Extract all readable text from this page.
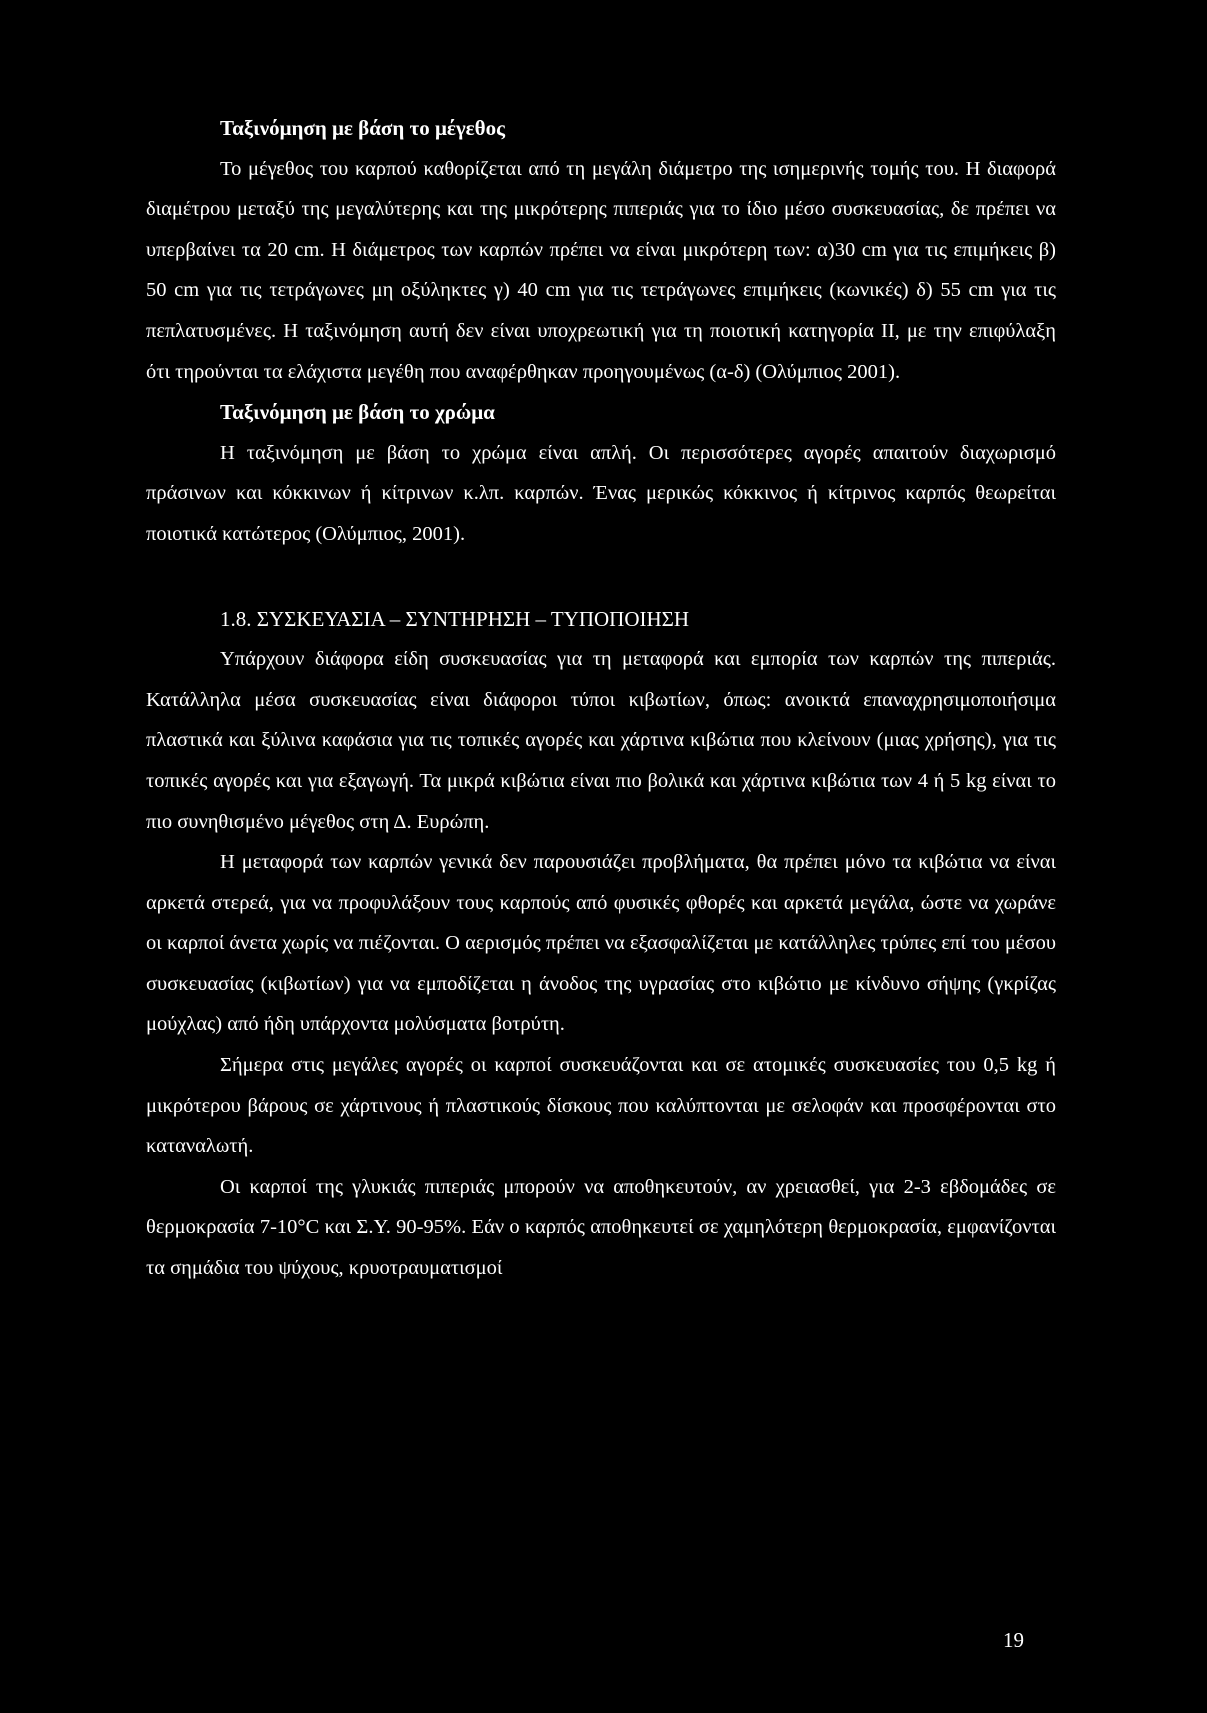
Ταξινόμηση με βάση το μέγεθος

Το μέγεθος του καρπού καθορίζεται από τη μεγάλη διάμετρο της ισημερινής τομής του. Η διαφορά διαμέτρου μεταξύ της μεγαλύτερης και της μικρότερης πιπεριάς για το ίδιο μέσο συσκευασίας, δε πρέπει να υπερβαίνει τα 20 cm. Η διάμετρος των καρπών πρέπει να είναι μικρότερη των: α)30 cm για τις επιμήκεις β) 50 cm για τις τετράγωνες μη οξύληκτες γ) 40 cm για τις τετράγωνες επιμήκεις (κωνικές) δ) 55 cm για τις πεπλατυσμένες. Η ταξινόμηση αυτή δεν είναι υποχρεωτική για τη ποιοτική κατηγορία II, με την επιφύλαξη ότι τηρούνται τα ελάχιστα μεγέθη που αναφέρθηκαν προηγουμένως (α-δ) (Ολύμπιος 2001).

Ταξινόμηση με βάση το χρώμα

Η ταξινόμηση με βάση το χρώμα είναι απλή. Οι περισσότερες αγορές απαιτούν διαχωρισμό πράσινων και κόκκινων ή κίτρινων κ.λπ. καρπών. Ένας μερικώς κόκκινος ή κίτρινος καρπός θεωρείται ποιοτικά κατώτερος (Ολύμπιος, 2001).

1.8. ΣΥΣΚΕΥΑΣΙΑ – ΣΥΝΤΗΡΗΣΗ – ΤΥΠΟΠΟΙΗΣΗ

Υπάρχουν διάφορα είδη συσκευασίας για τη μεταφορά και εμπορία των καρπών της πιπεριάς. Κατάλληλα μέσα συσκευασίας είναι διάφοροι τύποι κιβωτίων, όπως: ανοικτά επαναχρησιμοποιήσιμα πλαστικά και ξύλινα καφάσια για τις τοπικές αγορές και χάρτινα κιβώτια που κλείνουν (μιας χρήσης), για τις τοπικές αγορές και για εξαγωγή. Τα μικρά κιβώτια είναι πιο βολικά και χάρτινα κιβώτια των 4 ή 5 kg είναι το πιο συνηθισμένο μέγεθος στη Δ. Ευρώπη.

Η μεταφορά των καρπών γενικά δεν παρουσιάζει προβλήματα, θα πρέπει μόνο τα κιβώτια να είναι αρκετά στερεά, για να προφυλάξουν τους καρπούς από φυσικές φθορές και αρκετά μεγάλα, ώστε να χωράνε οι καρποί άνετα χωρίς να πιέζονται. Ο αερισμός πρέπει να εξασφαλίζεται με κατάλληλες τρύπες επί του μέσου συσκευασίας (κιβωτίων) για να εμποδίζεται η άνοδος της υγρασίας στο κιβώτιο με κίνδυνο σήψης (γκρίζας μούχλας) από ήδη υπάρχοντα μολύσματα βοτρύτη.

Σήμερα στις μεγάλες αγορές οι καρποί συσκευάζονται και σε ατομικές συσκευασίες του 0,5 kg ή μικρότερου βάρους σε χάρτινους ή πλαστικούς δίσκους που καλύπτονται με σελοφάν και προσφέρονται στο καταναλωτή.

Οι καρποί της γλυκιάς πιπεριάς μπορούν να αποθηκευτούν, αν χρειασθεί, για 2-3 εβδομάδες σε θερμοκρασία 7-10°C και Σ.Υ. 90-95%. Εάν ο καρπός αποθηκευτεί σε χαμηλότερη θερμοκρασία, εμφανίζονται τα σημάδια του ψύχους, κρυοτραυματισμοί

19
